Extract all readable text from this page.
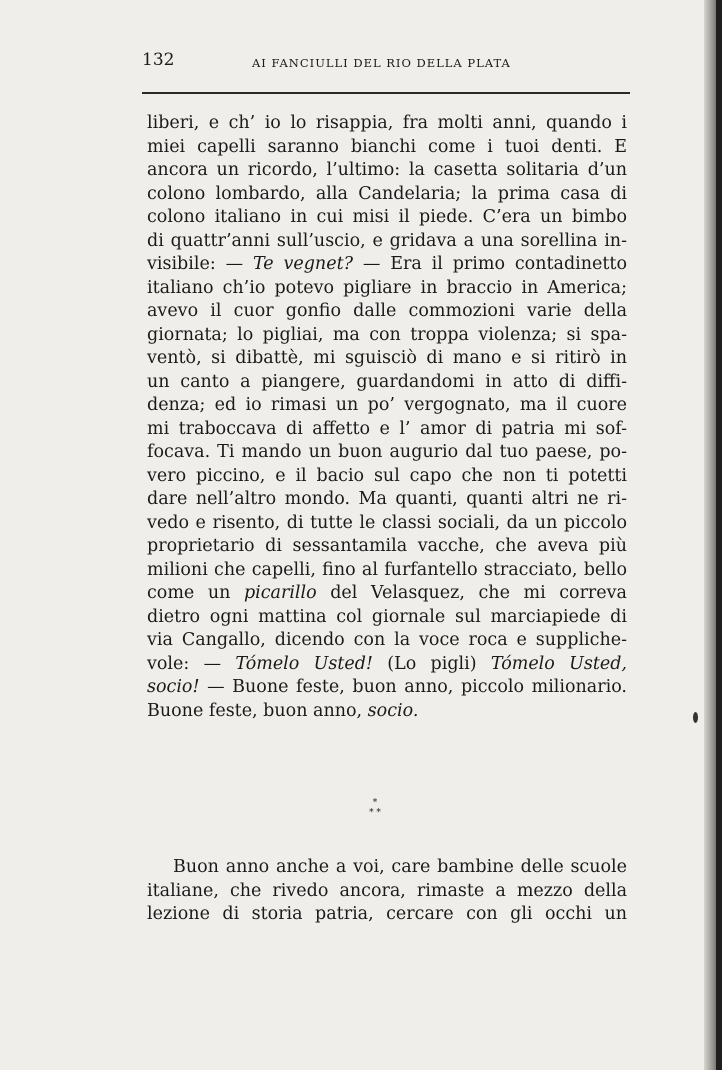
132	AI FANCIULLI DEL RIO DELLA PLATA
liberi, e ch’ io lo risappia, fra molti anni, quando i
miei capelli saranno bianchi come i tuoi denti. E
ancora un ricordo, l’ultimo: la casetta solitaria d’un
colono lombardo, alla Candelaria; la prima casa di
colono italiano in cui misi il piede. C’era un bimbo
di quattr’anni sull’uscio, e gridava a una sorellina in-
visibile: — Te vegnet? — Era il primo contadinetto
italiano ch’io potevo pigliare in braccio in America;
avevo il cuor gonfio dalle commozioni varie della
giornata; lo pigliai, ma con troppa violenza; si spa-
ventò, si dibattè, mi sguisciò di mano e si ritirò in
un canto a piangere, guardandomi in atto di diffi-
denza; ed io rimasi un po’ vergognato, ma il cuore
mi traboccava di affetto e l’ amor di patria mi sof-
focava. Ti mando un buon augurio dal tuo paese, po-
vero piccino, e il bacio sul capo che non ti potetti
dare nell’altro mondo. Ma quanti, quanti altri ne ri-
vedo e risento, di tutte le classi sociali, da un piccolo
proprietario di sessantamila vacche, che aveva più
milioni che capelli, fino al furfantello stracciato, bello
come un picarillo del Velasquez, che mi correva
dietro ogni mattina col giornale sul marciapiede di
via Cangallo, dicendo con la voce roca e suppliche-
vole: — Tómelo Usted! (Lo pigli) Tómelo Usted,
socio! — Buone feste, buon anno, piccolo milionario.
Buone feste, buon anno, socio.
*
* *
Buon anno anche a voi, care bambine delle scuole
italiane, che rivedo ancora, rimaste a mezzo della
lezione di storia patria, cercare con gli occhi un
